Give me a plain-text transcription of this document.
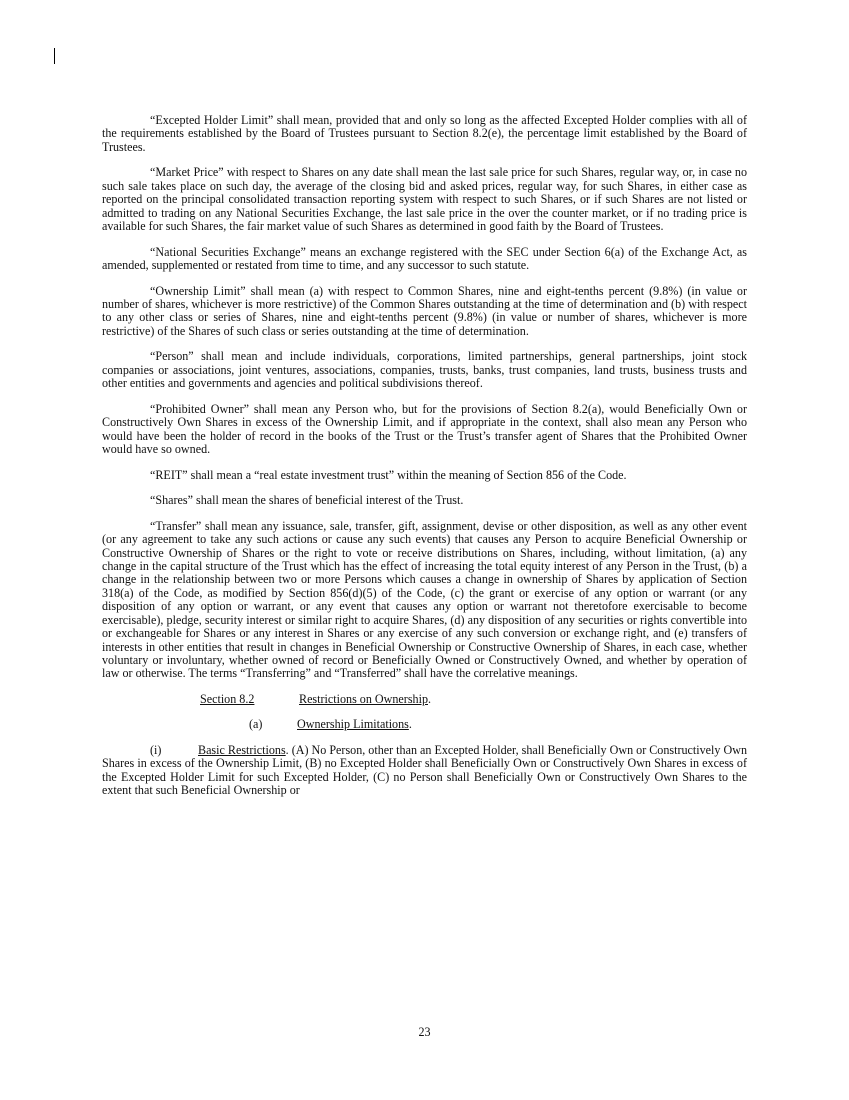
“Excepted Holder Limit” shall mean, provided that and only so long as the affected Excepted Holder complies with all of the requirements established by the Board of Trustees pursuant to Section 8.2(e), the percentage limit established by the Board of Trustees.

“Market Price” with respect to Shares on any date shall mean the last sale price for such Shares, regular way, or, in case no such sale takes place on such day, the average of the closing bid and asked prices, regular way, for such Shares, in either case as reported on the principal consolidated transaction reporting system with respect to such Shares, or if such Shares are not listed or admitted to trading on any National Securities Exchange, the last sale price in the over the counter market, or if no trading price is available for such Shares, the fair market value of such Shares as determined in good faith by the Board of Trustees.

“National Securities Exchange” means an exchange registered with the SEC under Section 6(a) of the Exchange Act, as amended, supplemented or restated from time to time, and any successor to such statute.

“Ownership Limit” shall mean (a) with respect to Common Shares, nine and eight-tenths percent (9.8%) (in value or number of shares, whichever is more restrictive) of the Common Shares outstanding at the time of determination and (b) with respect to any other class or series of Shares, nine and eight-tenths percent (9.8%) (in value or number of shares, whichever is more restrictive) of the Shares of such class or series outstanding at the time of determination.

“Person” shall mean and include individuals, corporations, limited partnerships, general partnerships, joint stock companies or associations, joint ventures, associations, companies, trusts, banks, trust companies, land trusts, business trusts and other entities and governments and agencies and political subdivisions thereof.

“Prohibited Owner” shall mean any Person who, but for the provisions of Section 8.2(a), would Beneficially Own or Constructively Own Shares in excess of the Ownership Limit, and if appropriate in the context, shall also mean any Person who would have been the holder of record in the books of the Trust or the Trust’s transfer agent of Shares that the Prohibited Owner would have so owned.

“REIT” shall mean a “real estate investment trust” within the meaning of Section 856 of the Code.

“Shares” shall mean the shares of beneficial interest of the Trust.

“Transfer” shall mean any issuance, sale, transfer, gift, assignment, devise or other disposition, as well as any other event (or any agreement to take any such actions or cause any such events) that causes any Person to acquire Beneficial Ownership or Constructive Ownership of Shares or the right to vote or receive distributions on Shares, including, without limitation, (a) any change in the capital structure of the Trust which has the effect of increasing the total equity interest of any Person in the Trust, (b) a change in the relationship between two or more Persons which causes a change in ownership of Shares by application of Section 318(a) of the Code, as modified by Section 856(d)(5) of the Code, (c) the grant or exercise of any option or warrant (or any disposition of any option or warrant, or any event that causes any option or warrant not theretofore exercisable to become exercisable), pledge, security interest or similar right to acquire Shares, (d) any disposition of any securities or rights convertible into or exchangeable for Shares or any interest in Shares or any exercise of any such conversion or exchange right, and (e) transfers of interests in other entities that result in changes in Beneficial Ownership or Constructive Ownership of Shares, in each case, whether voluntary or involuntary, whether owned of record or Beneficially Owned or Constructively Owned, and whether by operation of law or otherwise. The terms “Transferring” and “Transferred” shall have the correlative meanings.

Section 8.2	Restrictions on Ownership.
(a)	Ownership Limitations.

(i)	Basic Restrictions. (A) No Person, other than an Excepted Holder, shall Beneficially Own or Constructively Own Shares in excess of the Ownership Limit, (B) no Excepted Holder shall Beneficially Own or Constructively Own Shares in excess of the Excepted Holder Limit for such Excepted Holder, (C) no Person shall Beneficially Own or Constructively Own Shares to the extent that such Beneficial Ownership or

23
